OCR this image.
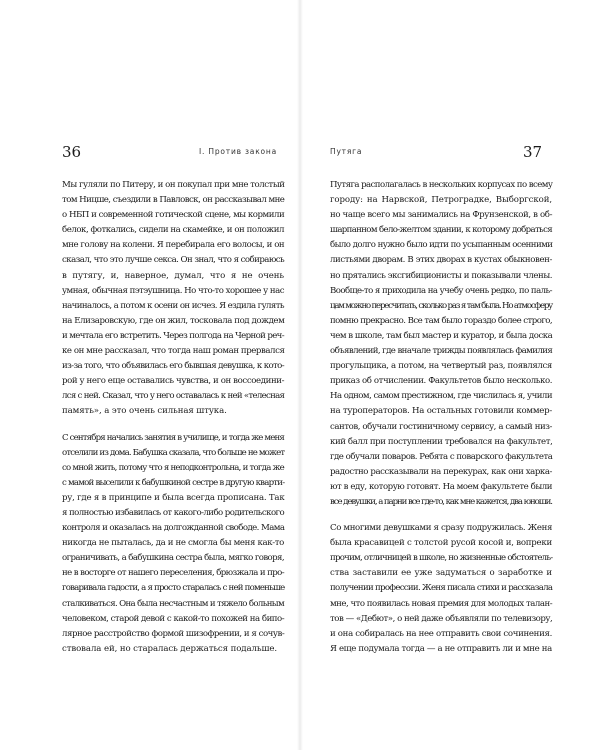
36	I. Против закона

Мы гуляли по Питеру, и он покупал при мне толстый
том Ницше, съездили в Павловск, он рассказывал мне
о НБП и современной готической сцене, мы кормили
белок, фоткались, сидели на скамейке, и он положил
мне голову на колени. Я перебирала его волосы, и он
сказал, что это лучше секса. Он знал, что я собираюсь
в путягу, и, наверное, думал, что я не очень
умная, обычная пэтэушница. Но что-то хорошее у нас
начиналось, а потом к осени он исчез. Я ездила гулять
на Елизаровскую, где он жил, тосковала под дождем
и мечтала его встретить. Через полгода на Черной реч-
ке он мне рассказал, что тогда наш роман прервался
из-за того, что объявилась его бывшая девушка, к кото-
рой у него еще оставались чувства, и он воссоедини-
лся с ней. Сказал, что у него оставалась к ней «телесная
память», а это очень сильная штука.

С сентября начались занятия в училище, и тогда же меня
отселили из дома. Бабушка сказала, что больше не может
со мной жить, потому что я неподконтрольна, и тогда же
с мамой выселили к бабушкиной сестре в другую кварти-
ру, где я в принципе и была всегда прописана. Так
я полностью избавилась от какого-либо родительского
контроля и оказалась на долгожданной свободе. Мама
никогда не пыталась, да и не смогла бы меня как-то
ограничивать, а бабушкина сестра была, мягко говоря,
не в восторге от нашего переселения, брюзжала и про-
говаривала гадости, а я просто старалась с ней поменьше
сталкиваться. Она была несчастным и тяжело больным
человеком, старой девой с какой-то похожей на бипо-
лярное расстройство формой шизофрении, и я сочув-
ствовала ей, но старалась держаться подальше.

Путяга	37

Путяга располагалась в нескольких корпусах по всему
городу: на Нарвской, Петроградке, Выборгской,
но чаще всего мы занимались на Фрунзенской, в об-
шарпанном бело-желтом здании, к которому добраться
было долго нужно было идти по усыпанным осенними
листьями дворам. В этих дворах в кустах обыкновен-
но прятались эксгибиционисты и показывали члены.
Вообще-то я приходила на учебу очень редко, по паль-
цам можно пересчитать, сколько раз я там была. Но атмосферу
помню прекрасно. Все там было гораздо более строго,
чем в школе, там был мастер и куратор, и была доска
объявлений, где вначале трижды появлялась фамилия
прогульщика, а потом, на четвертый раз, появлялся
приказ об отчислении. Факультетов было несколько.
На одном, самом престижном, где числилась я, учили
на туроператоров. На остальных готовили коммер-
сантов, обучали гостиничному сервису, а самый низ-
кий балл при поступлении требовался на факультет,
где обучали поваров. Ребята с поварского факультета
радостно рассказывали на перекурах, как они харка-
ют в еду, которую готовят. На моем факультете были
все девушки, а парни все где-то, как мне кажется, два юноши.

Со многими девушками я сразу подружилась. Женя
была красавицей с толстой русой косой и, вопреки
прочим, отличницей в школе, но жизненные обстоятель-
ства заставили ее уже задуматься о заработке и
получении профессии. Женя писала стихи и рассказала
мне, что появилась новая премия для молодых талан-
тов — «Дебют», о ней даже объявляли по телевизору,
и она собиралась на нее отправить свои сочинения.
Я еще подумала тогда — а не отправить ли и мне на
